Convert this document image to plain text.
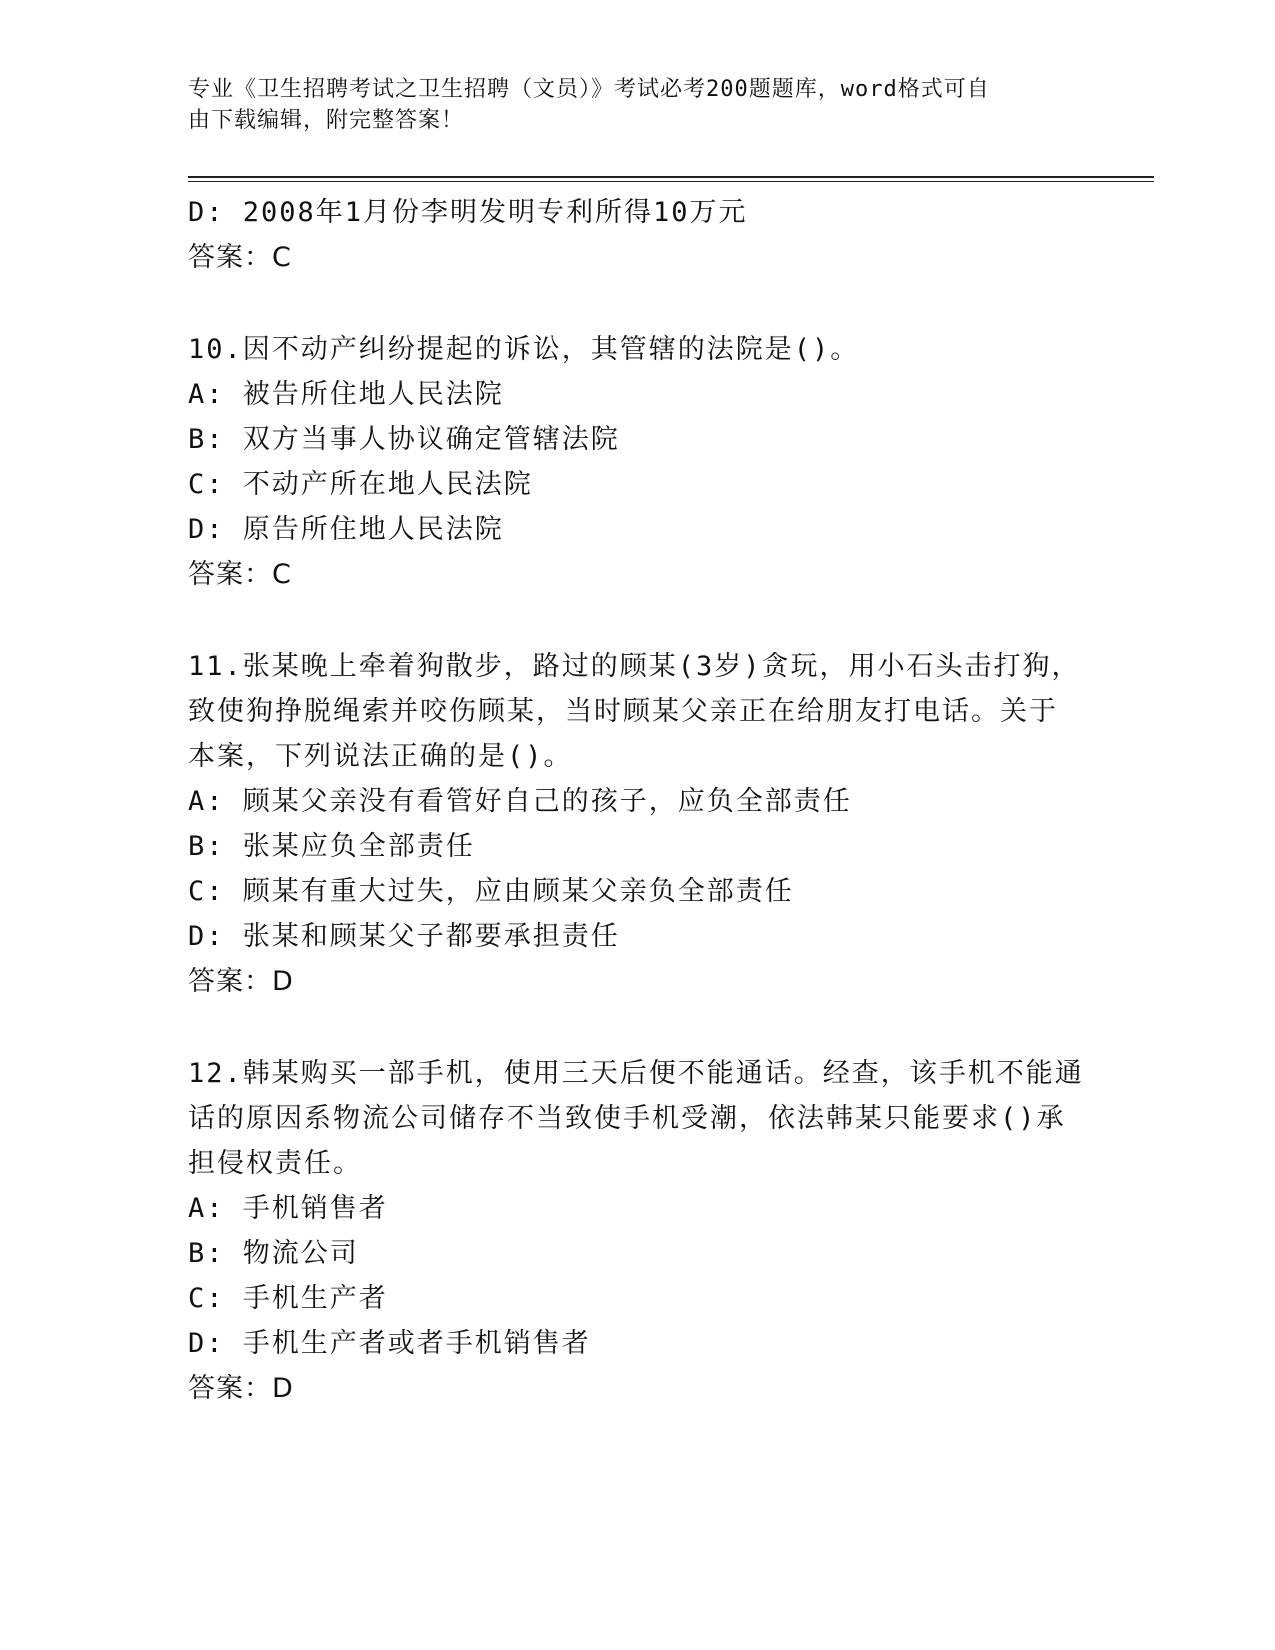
专业《卫生招聘考试之卫生招聘（文员）》考试必考200题题库，word格式可自
由下载编辑，附完整答案！
D: 2008年1月份李明发明专利所得10万元
答案：C
10.因不动产纠纷提起的诉讼，其管辖的法院是()。
A: 被告所住地人民法院
B: 双方当事人协议确定管辖法院
C: 不动产所在地人民法院
D: 原告所住地人民法院
答案：C
11.张某晚上牵着狗散步，路过的顾某(3岁)贪玩，用小石头击打狗，
致使狗挣脱绳索并咬伤顾某，当时顾某父亲正在给朋友打电话。关于
本案，下列说法正确的是()。
A: 顾某父亲没有看管好自己的孩子，应负全部责任
B: 张某应负全部责任
C: 顾某有重大过失，应由顾某父亲负全部责任
D: 张某和顾某父子都要承担责任
答案：D
12.韩某购买一部手机，使用三天后便不能通话。经查，该手机不能通
话的原因系物流公司储存不当致使手机受潮，依法韩某只能要求()承
担侵权责任。
A: 手机销售者
B: 物流公司
C: 手机生产者
D: 手机生产者或者手机销售者
答案：D
